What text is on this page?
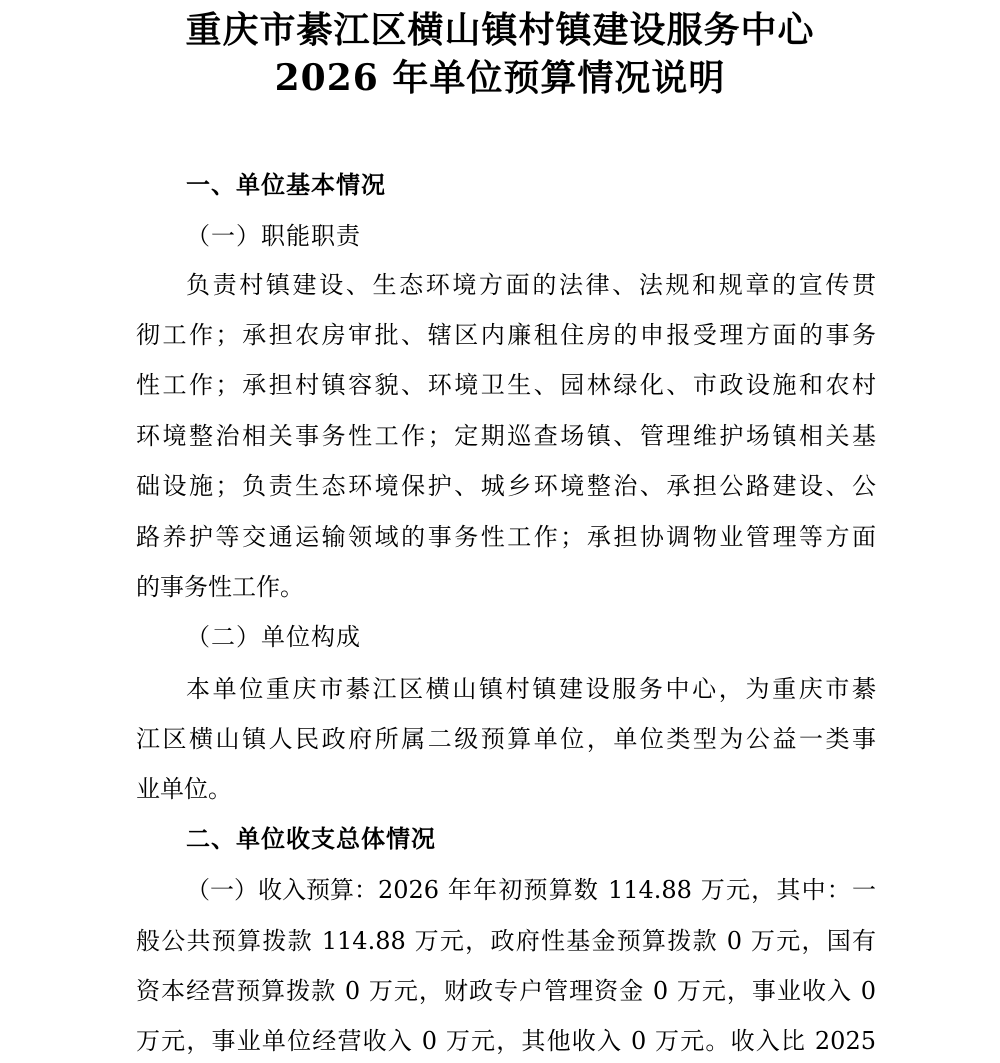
重庆市綦江区横山镇村镇建设服务中心
2026 年单位预算情况说明
一、单位基本情况
（一）职能职责
负责村镇建设、生态环境方面的法律、法规和规章的宣传贯
彻工作；承担农房审批、辖区内廉租住房的申报受理方面的事务
性工作；承担村镇容貌、环境卫生、园林绿化、市政设施和农村
环境整治相关事务性工作；定期巡查场镇、管理维护场镇相关基
础设施；负责生态环境保护、城乡环境整治、承担公路建设、公
路养护等交通运输领域的事务性工作；承担协调物业管理等方面
的事务性工作。
（二）单位构成
本单位重庆市綦江区横山镇村镇建设服务中心，为重庆市綦
江区横山镇人民政府所属二级预算单位，单位类型为公益一类事
业单位。
二、单位收支总体情况
（一）收入预算： 2026 年年初预算数 114.88 万元，其中：一
般公共预算拨款 114.88 万元，政府性基金预算拨款 0 万元，国有
资本经营预算拨款 0 万元，财政专户管理资金 0 万元，事业收入 0
万元，事业单位经营收入 0 万元，其他收入 0 万元。收入比 2025
